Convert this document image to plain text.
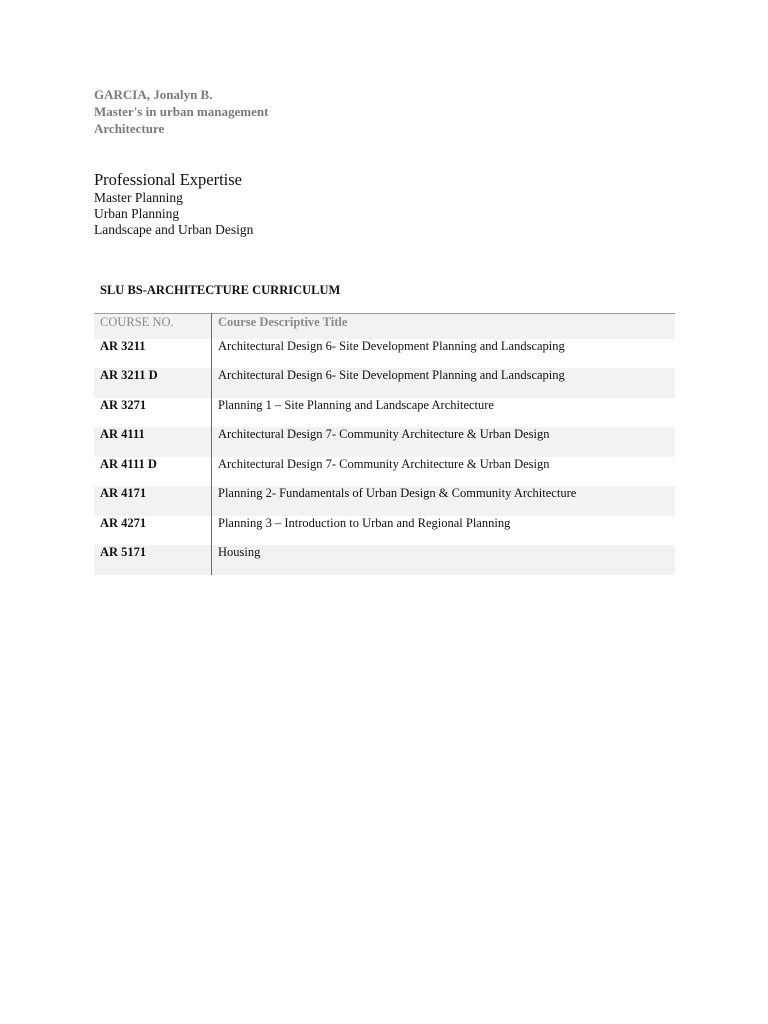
GARCIA, Jonalyn B.
Master's in urban management
Architecture
Professional Expertise
Master Planning
Urban Planning
Landscape and Urban Design
SLU BS-ARCHITECTURE CURRICULUM
COURSE NO.	Course Descriptive Title
AR 3211	Architectural Design 6- Site Development Planning and Landscaping
AR 3211 D	Architectural Design 6- Site Development Planning and Landscaping
AR 3271	Planning 1 – Site Planning and Landscape Architecture
AR 4111	Architectural Design 7- Community Architecture & Urban Design
AR 4111 D	Architectural Design 7- Community Architecture & Urban Design
AR 4171	Planning 2- Fundamentals of Urban Design & Community Architecture
AR 4271	Planning 3 – Introduction to Urban and Regional Planning
AR 5171	Housing
